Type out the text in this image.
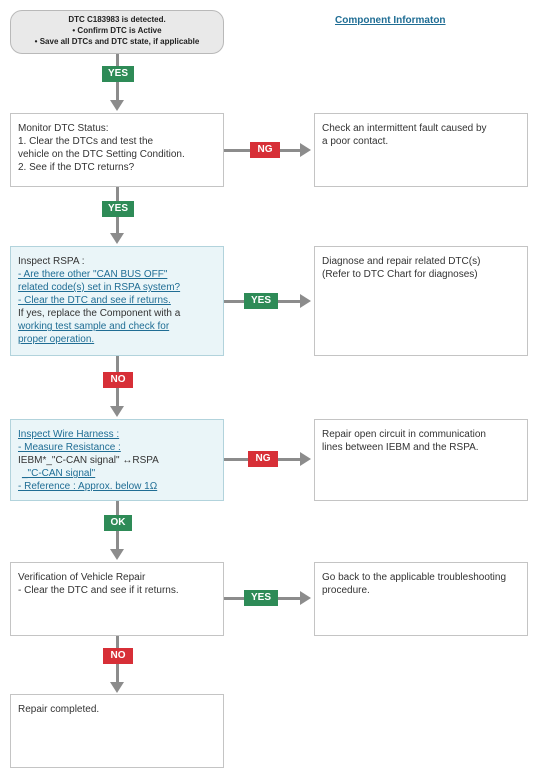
DTC C183983 is detected.
• Confirm DTC is Active
• Save all DTCs and DTC state, if applicable
Component Informaton
YES
Monitor DTC Status:
1. Clear the DTCs and test the
vehicle on the DTC Setting Condition.
2. See if the DTC returns?
NG
Check an intermittent fault caused by
a poor contact.
YES
Inspect RSPA :
- Are there other "CAN BUS OFF"
related code(s) set in RSPA system?
- Clear the DTC and see if returns.
If yes, replace the Component with a
working test sample and check for
proper operation.
YES
Diagnose and repair related DTC(s)
(Refer to DTC Chart for diagnoses)
NO
Inspect Wire Harness :
- Measure Resistance :
IEBM*_"C-CAN signal" ↔RSPA
_"C-CAN signal"
- Reference : Approx. below 1Ω
NG
Repair open circuit in communication
lines between IEBM and the RSPA.
OK
Verification of Vehicle Repair
- Clear the DTC and see if it returns.
YES
Go back to the applicable troubleshooting
procedure.
NO
Repair completed.
